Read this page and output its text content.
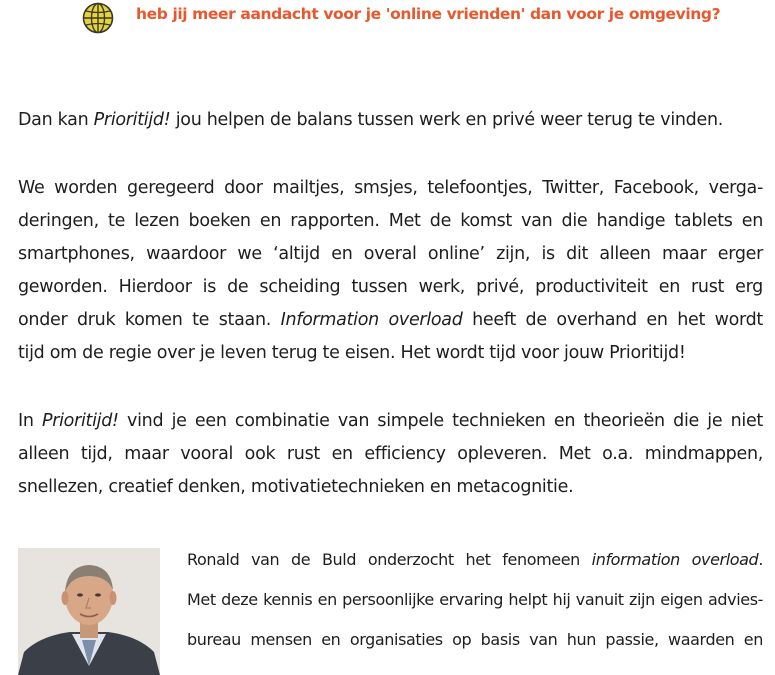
heb jij meer aandacht voor je 'online vrienden' dan voor je omgeving?

Dan kan Prioritijd! jou helpen de balans tussen werk en privé weer terug te vinden.

We worden geregeerd door mailtjes, smsjes, telefoontjes, Twitter, Facebook, verga-
deringen, te lezen boeken en rapporten. Met de komst van die handige tablets en
smartphones, waardoor we ‘altijd en overal online’ zijn, is dit alleen maar erger
geworden. Hierdoor is de scheiding tussen werk, privé, productiviteit en rust erg
onder druk komen te staan. Information overload heeft de overhand en het wordt
tijd om de regie over je leven terug te eisen. Het wordt tijd voor jouw Prioritijd!

In Prioritijd! vind je een combinatie van simpele technieken en theorieën die je niet
alleen tijd, maar vooral ook rust en efficiency opleveren. Met o.a. mindmappen,
snellezen, creatief denken, motivatietechnieken en metacognitie.

Ronald van de Buld onderzocht het fenomeen information overload.
Met deze kennis en persoonlijke ervaring helpt hij vanuit zijn eigen advies-
bureau mensen en organisaties op basis van hun passie, waarden en
